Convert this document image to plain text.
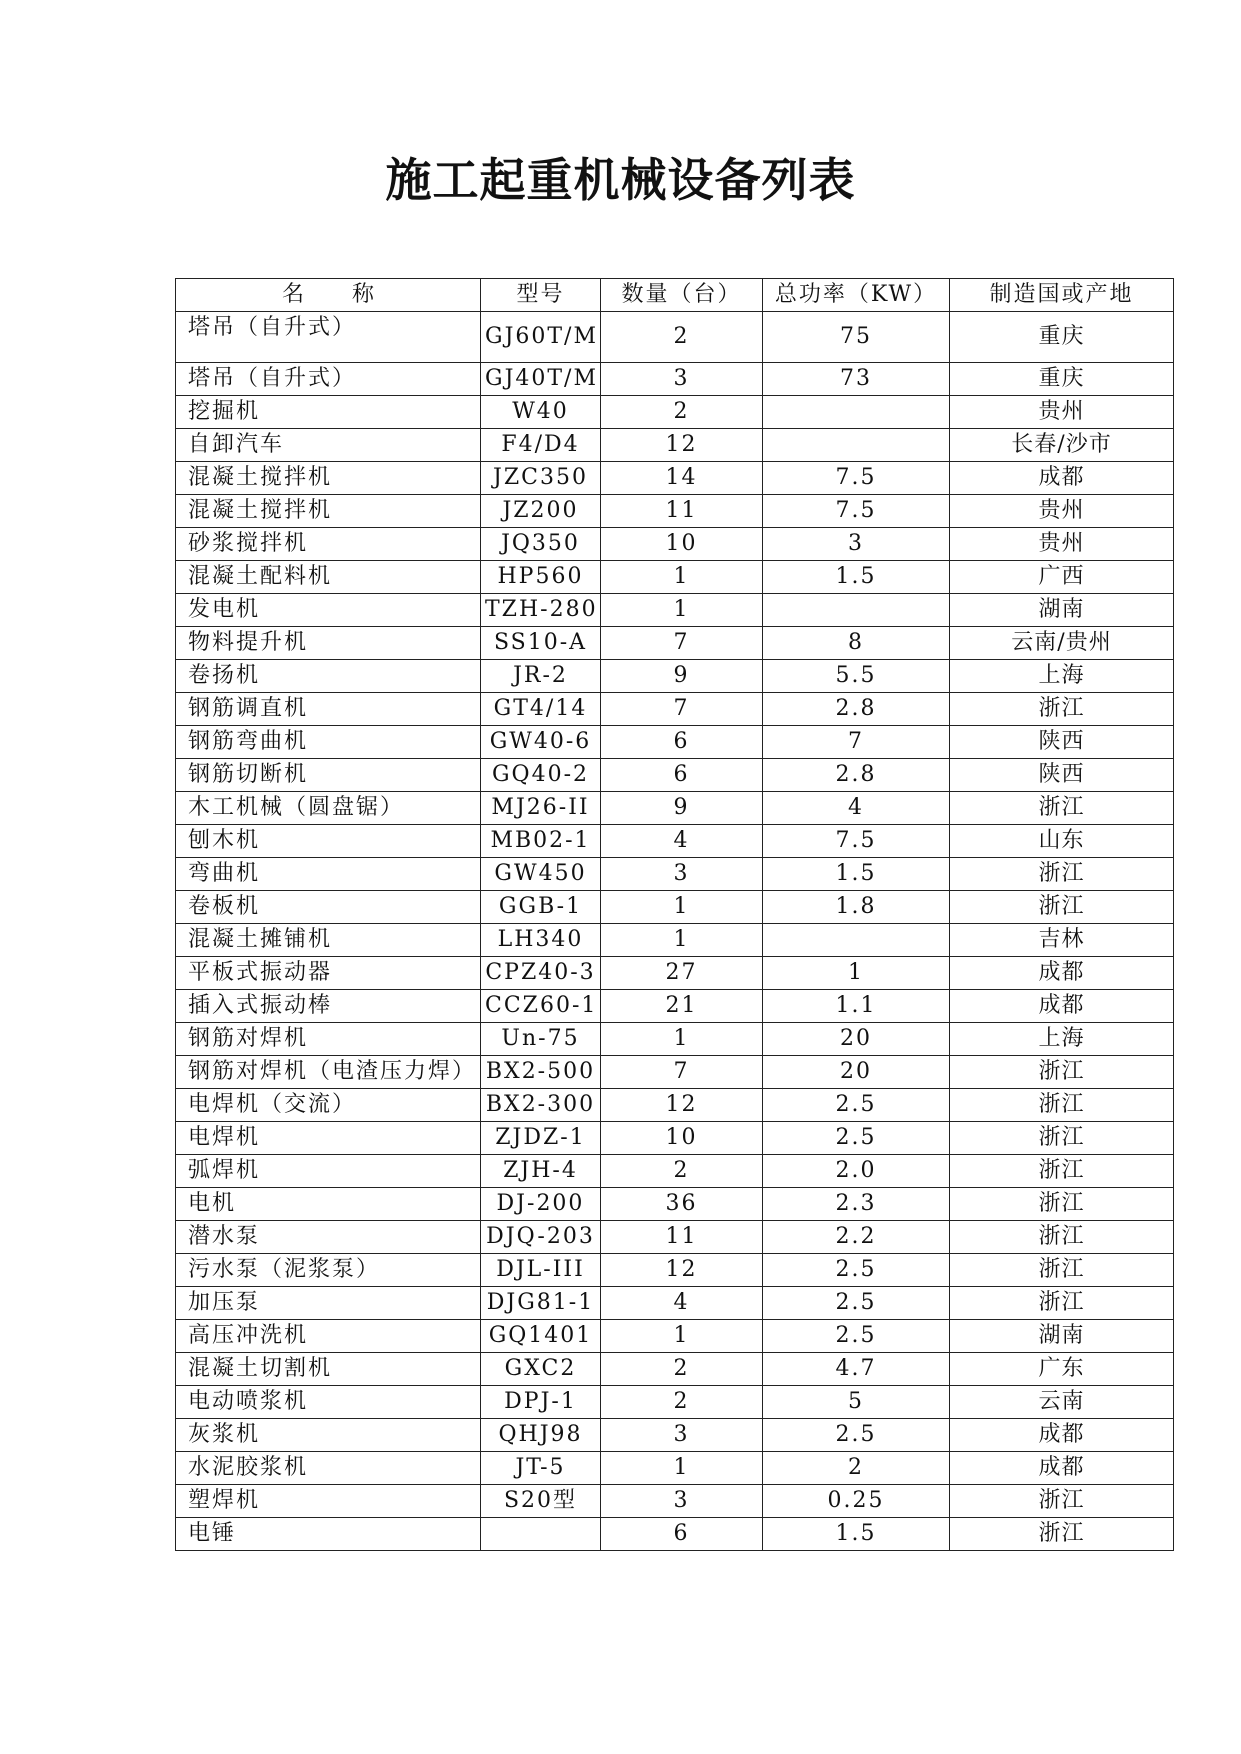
施工起重机械设备列表
名称	型号	数量（台）	总功率（KW）	制造国或产地
塔吊（自升式）	GJ60T/M	2	75	重庆
塔吊（自升式）	GJ40T/M	3	73	重庆
挖掘机	W40	2		贵州
自卸汽车	F4/D4	12		长春/沙市
混凝土搅拌机	JZC350	14	7.5	成都
混凝土搅拌机	JZ200	11	7.5	贵州
砂浆搅拌机	JQ350	10	3	贵州
混凝土配料机	HP560	1	1.5	广西
发电机	TZH-280	1		湖南
物料提升机	SS10-A	7	8	云南/贵州
卷扬机	JR-2	9	5.5	上海
钢筋调直机	GT4/14	7	2.8	浙江
钢筋弯曲机	GW40-6	6	7	陕西
钢筋切断机	GQ40-2	6	2.8	陕西
木工机械（圆盘锯）	MJ26-II	9	4	浙江
刨木机	MB02-1	4	7.5	山东
弯曲机	GW450	3	1.5	浙江
卷板机	GGB-1	1	1.8	浙江
混凝土摊铺机	LH340	1		吉林
平板式振动器	CPZ40-3	27	1	成都
插入式振动棒	CCZ60-1	21	1.1	成都
钢筋对焊机	Un-75	1	20	上海
钢筋对焊机（电渣压力焊）	BX2-500	7	20	浙江
电焊机（交流）	BX2-300	12	2.5	浙江
电焊机	ZJDZ-1	10	2.5	浙江
弧焊机	ZJH-4	2	2.0	浙江
电机	DJ-200	36	2.3	浙江
潜水泵	DJQ-203	11	2.2	浙江
污水泵（泥浆泵）	DJL-III	12	2.5	浙江
加压泵	DJG81-1	4	2.5	浙江
高压冲洗机	GQ1401	1	2.5	湖南
混凝土切割机	GXC2	2	4.7	广东
电动喷浆机	DPJ-1	2	5	云南
灰浆机	QHJ98	3	2.5	成都
水泥胶浆机	JT-5	1	2	成都
塑焊机	S20型	3	0.25	浙江
电锤		6	1.5	浙江
